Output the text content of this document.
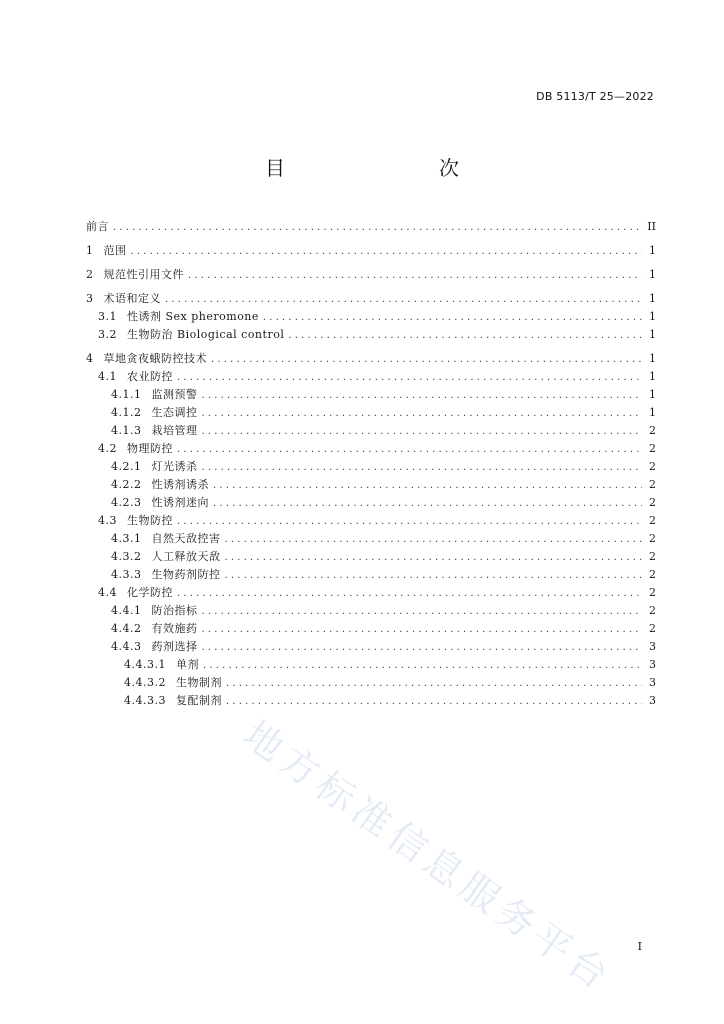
DB 5113/T 25—2022
目　　次
前言 .....	II
1 范围 .....	1
2 规范性引用文件 .....	1
3 术语和定义 .....	1
3.1 性诱剂 Sex pheromone .....	1
3.2 生物防治 Biological control .....	1
4 草地贪夜蛾防控技术 .....	1
4.1 农业防控 .....	1
4.1.1 监测预警 .....	1
4.1.2 生态调控 .....	1
4.1.3 栽培管理 .....	2
4.2 物理防控 .....	2
4.2.1 灯光诱杀 .....	2
4.2.2 性诱剂诱杀 .....	2
4.2.3 性诱剂迷向 .....	2
4.3 生物防控 .....	2
4.3.1 自然天敌控害 .....	2
4.3.2 人工释放天敌 .....	2
4.3.3 生物药剂防控 .....	2
4.4 化学防控 .....	2
4.4.1 防治指标 .....	2
4.4.2 有效施药 .....	2
4.4.3 药剂选择 .....	3
4.4.3.1 单剂 .....	3
4.4.3.2 生物制剂 .....	3
4.4.3.3 复配制剂 .....	3
地方标准信息服务平台	I
